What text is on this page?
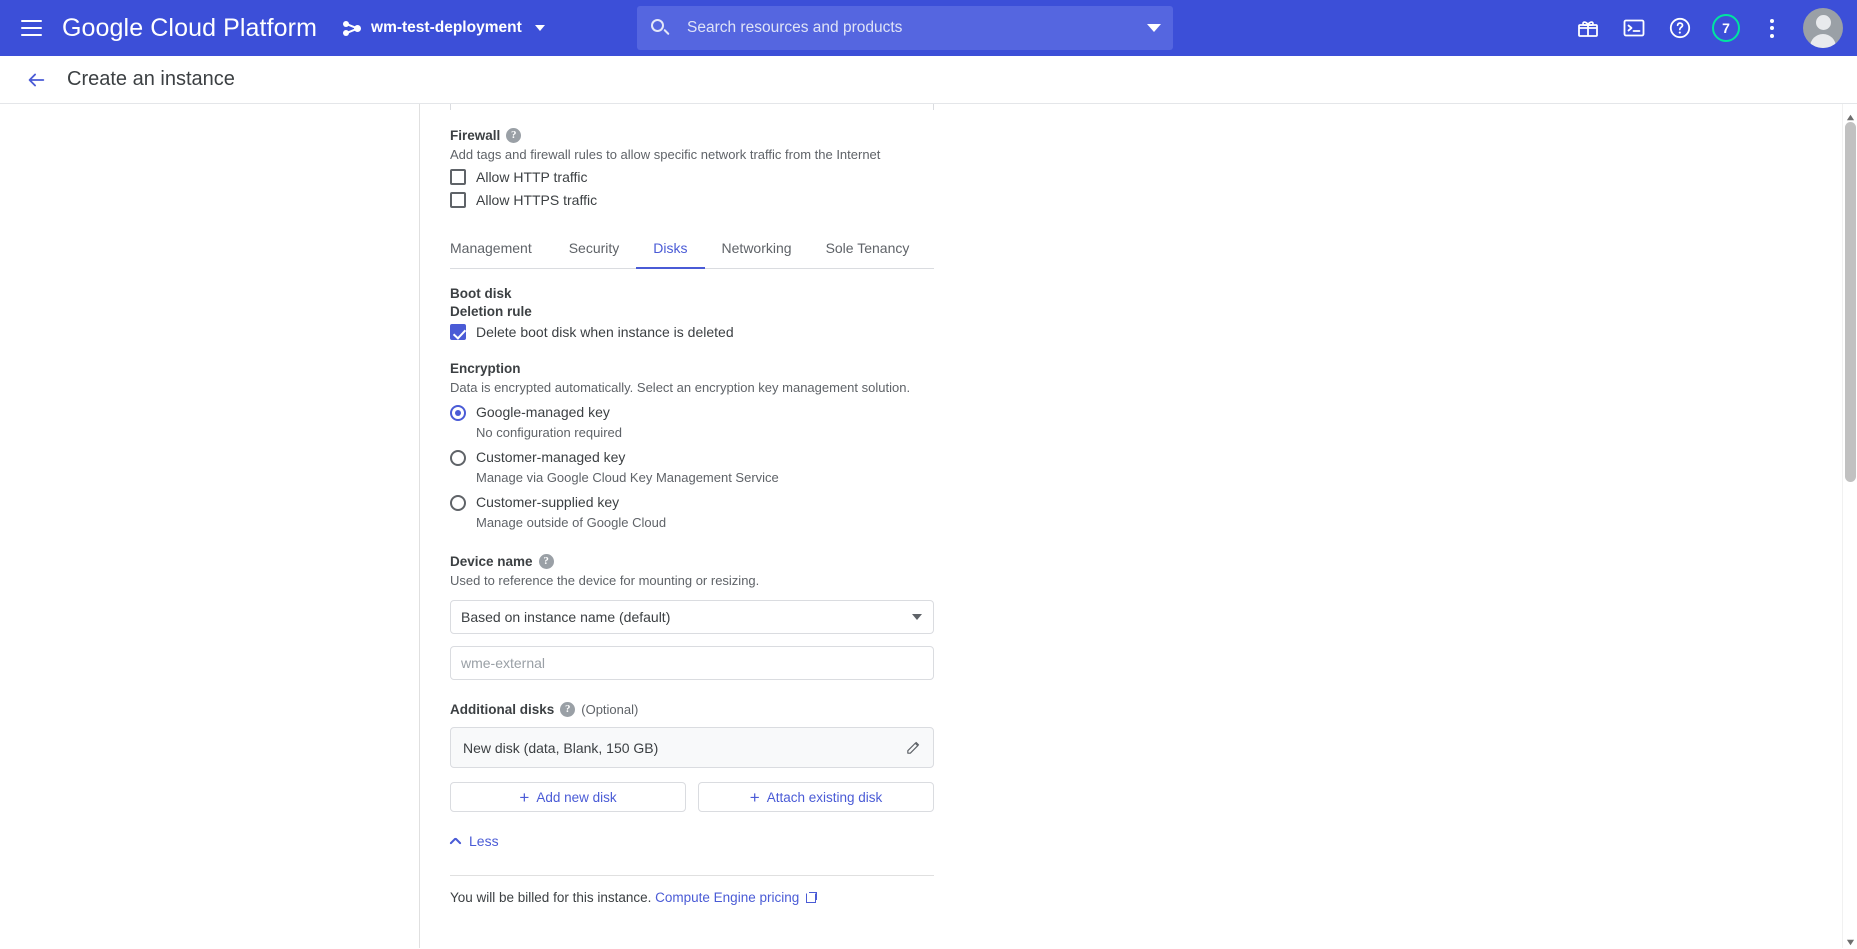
Google Cloud Platform	wm-test-deployment
Search resources and products	7
Create an instance
Firewall ?
Add tags and firewall rules to allow specific network traffic from the Internet
Allow HTTP traffic
Allow HTTPS traffic
Management	Security	Disks	Networking	Sole Tenancy
Boot disk
Deletion rule
Delete boot disk when instance is deleted
Encryption
Data is encrypted automatically. Select an encryption key management solution.
Google-managed key
No configuration required
Customer-managed key
Manage via Google Cloud Key Management Service
Customer-supplied key
Manage outside of Google Cloud
Device name ?
Used to reference the device for mounting or resizing.
Based on instance name (default)
wme-external
Additional disks ? (Optional)
New disk (data, Blank, 150 GB)
+ Add new disk	+ Attach existing disk
Less
You will be billed for this instance. Compute Engine pricing
